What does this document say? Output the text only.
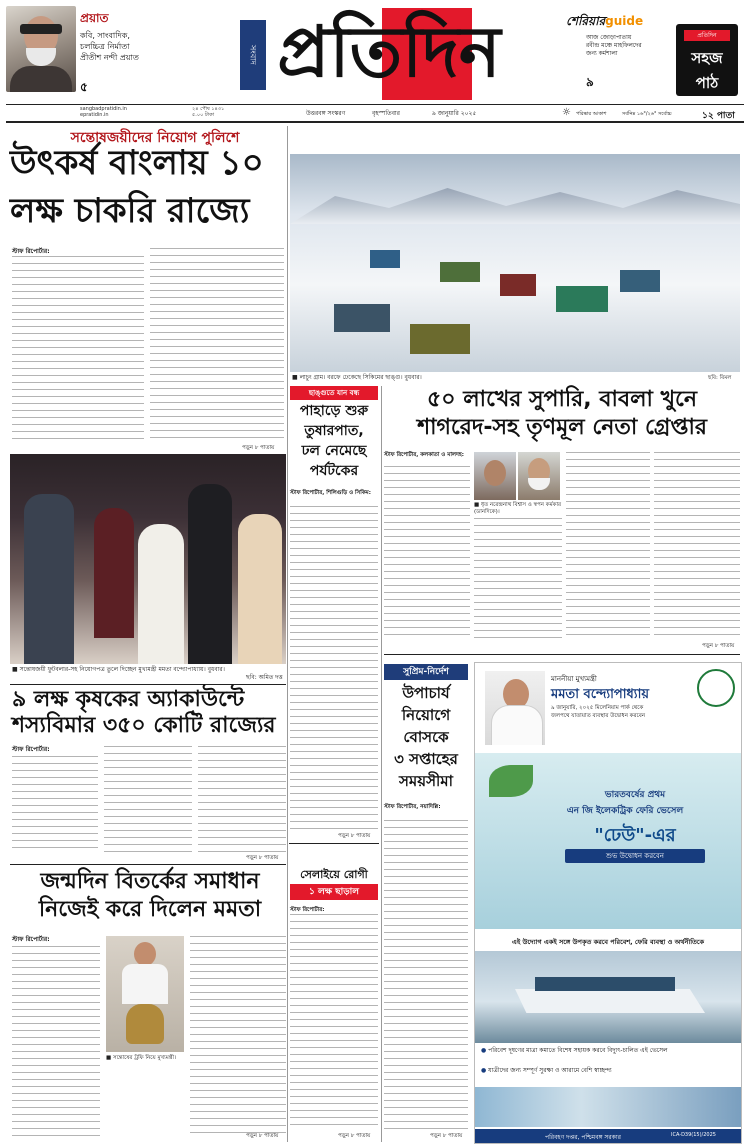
প্রয়াত
কবি, সাংবাদিক,
চলচ্চিত্র নির্মাতা
প্রীতীশ নন্দী প্রয়াত
৫
সংবাদ প্রতিদিন	শেরিয়ারguide
আজ জোড়াপাতায়
রবীন্দ্র মঞ্চে মাহফিলদের
জন্য কর্মশালা
৯
প্রতিদিন
সহজ
পাঠ
sangbadpratidin.in
epratidin.in
২৪ পৌষ ১৪৩১
৫.০০ টাকা	উত্তরবঙ্গ সংস্করণ	বৃহস্পতিবার	৯ জানুয়ারি ২০২৫	☼ পরিষ্কার আকাশ	সর্বনিম্ন ১৬°/২৬° সর্বোচ্চ	১২ পাতা
সন্তোষজয়ীদের নিয়োগ পুলিশে
উৎকর্ষ বাংলায় ১০
লক্ষ চাকরি রাজ্যে
স্টাফ রিপোর্টার:
পড়ুন ৮ পাতায়
■ সন্তোষজয়ী ফুটবলার-সহ নিয়োগপত্র তুলে দিচ্ছেন মুখ্যমন্ত্রী মমতা বন্দ্যোপাধ্যায়। বুধবার।
ছবি: অমিত দত্ত
৯ লক্ষ কৃষকের অ্যাকাউন্টে
শস্যবিমার ৩৫০ কোটি রাজ্যের
স্টাফ রিপোর্টার:
পড়ুন ৮ পাতায়
জন্মদিন বিতর্কের সমাধান
নিজেই করে দিলেন মমতা
স্টাফ রিপোর্টার:
■ সন্তোষের ট্রফি নিয়ে মুখ্যমন্ত্রী।
পড়ুন ৮ পাতায়
■ লাচুং গ্রাম। বরফে ঢেকেছে সিকিমের ছাঙ্গু। বুধবার।	ছবি: বিমল
ছাঙ্গুতে যান বন্ধ
পাহাড়ে শুরু
তুষারপাত,
ঢল নেমেছে
পর্যটকের
স্টাফ রিপোর্টার, শিলিগুড়ি ও সিকিম:
পড়ুন ৮ পাতায়
সেলাইয়ে রোগী
১ লক্ষ ছাড়াল
স্টাফ রিপোর্টার:
পড়ুন ৮ পাতায়
৫০ লাখের সুপারি, বাবলা খুনে
শাগরেদ-সহ তৃণমূল নেতা গ্রেপ্তার
■ ধৃত নরেন্দ্রনাথ বিশ্বাস ও স্বপন কর্মকার (ডানদিকে)।
স্টাফ রিপোর্টার, কলকাতা ও মালদহ:
পড়ুন ৮ পাতায়
সুপ্রিম-নির্দেশ
উপাচার্য
নিয়োগে
বোসকে
৩ সপ্তাহের
সময়সীমা
স্টাফ রিপোর্টার, নয়াদিল্লি:
পড়ুন ৮ পাতায়
মাননীয়া মুখ্যমন্ত্রী
মমতা বন্দ্যোপাধ্যায়
৯ জানুয়ারি, ২০২৫ মিলেনিয়াম পার্ক থেকে
জলপথে যাতায়াত ব্যবস্থার উদ্বোধন করবেন
ভারতবর্ষের প্রথম
এন জি ইলেকট্রিক ফেরি ভেসেল
"ঢেউ"-এর
শুভ উদ্বোধন করবেন
এই উদ্যোগ একই সঙ্গে উপকৃত করবে পরিবেশ, ফেরি ব্যবস্থা ও অর্থনীতিকে
● পরিবেশ দূষণের মাত্রা কমাতে বিশেষ সহায়ক করবে বিদ্যুৎ-চালিত এই ভেসেল
● যাত্রীদের জন্য সম্পূর্ণ সুরক্ষা ও আরামে বেশি স্বাচ্ছন্দ্য
পরিবহণ দপ্তর, পশ্চিমবঙ্গ সরকার	ICA-D39(15)/2025
